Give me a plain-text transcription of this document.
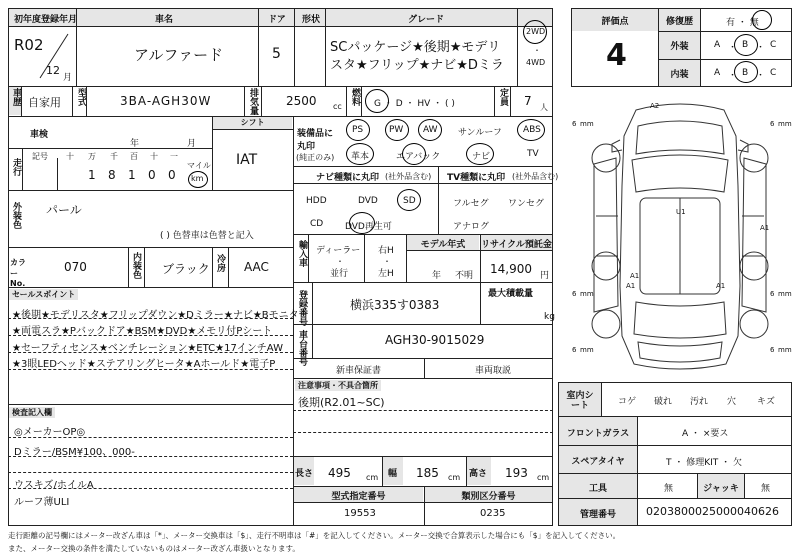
初年度登録年月	車名	ドア 形状	グレード
R02
12
月
アルファード	5	SCパッケージ★後期★モデリ
スタ★フリップ★ナビ★Dミラ
2WD
・
4WD
車歴 自家用 型式	3BA-AGH30W	排気量 2500 cc
燃料 G ・ D ・ HV ・ ( )	定員 7 人
車検
年	月
シフト
IAT
走行
記号 十 万 千 百 十 一
1 8 1 0 0
マイル
km
外装色 パール
( ) 色替車は色替と記入
カラーNo.
070	内装色 ブラック 冷房 AAC
セールスポイント
★後期★モデリスタ★フリップダウン★Dミラー★ナビ★Bモニタ
★両電スラ★Pバックドア★BSM★DVD★メモリ付Pシート
★セーフティセンス★ベンチレーション★ETC★17インチAW
★3眼LEDヘッド★ステアリングヒータ★Aホールド★電子P
検査記入欄
◎メーカーOP◎
Dミラー/BSM¥100、000-
ウスキズ/ホイルA
ルーフ薄ULI
装備品に
丸印
(純正のみ)
PS	PW AW サンルーフ ABS
革本	エアバック	ナビ	TV
ナビ種類に丸印 (社外品含む) TV種類に丸印 (社外品含む)
HDD	DVD	SD
CD DVD再生可
フルセグ ワンセグ
アナログ
輸入車 ディーラー
・
並行
右H
・
左H
モデル年式
年 不明
リサイクル預託金
14,900 円
登録番号	横浜335す0383
最大積載量
kg
車台番号	AGH30-9015029
新車保証書	車両取説
注意事項・不具合箇所
後期(R2.01~SC)
長さ 495 cm 幅 185 cm 高さ 193 cm
型式指定番号	類別区分番号
19553	0235
評価点
4
修復歴	有 ・ 無
外装	A ・ B ・ C
内装	A ・ B ・ C
A2
U1
A1
A1	A1
A1
6 mm	6 mm
6 mm	6 mm
6 mm	6 mm
室内シート	コゲ 破れ 汚れ 穴 キズ
フロントガラス	A ・ ×要ス
スペアタイヤ	T ・ 修理KIT ・ 欠
工具	無	ジャッキ	無
管理番号	0203800025000040626
走行距離の記号欄にはメーター改ざん車は「*」、メーター交換車は「$」、走行不明車は「#」を記入してください。メーター交換で合算表示した場合にも「$」を記入してください。
また、メーター交換の条件を満たしていないものはメーター改ざん車扱いとなります。
